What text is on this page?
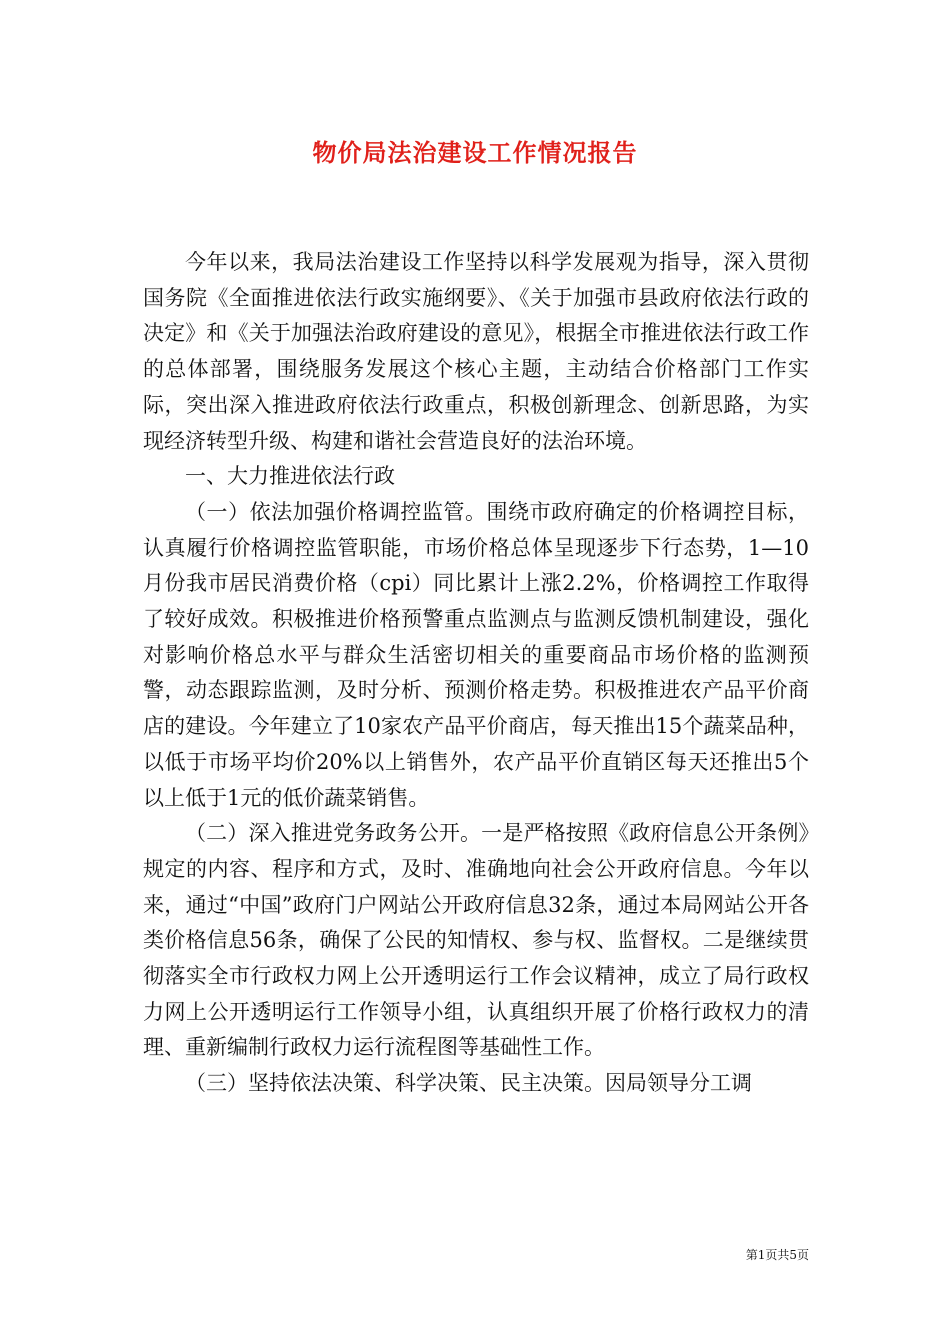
物价局法治建设工作情况报告

今年以来，我局法治建设工作坚持以科学发展观为指导，深入贯彻国务院《全面推进依法行政实施纲要》、《关于加强市县政府依法行政的决定》和《关于加强法治政府建设的意见》，根据全市推进依法行政工作的总体部署，围绕服务发展这个核心主题，主动结合价格部门工作实际，突出深入推进政府依法行政重点，积极创新理念、创新思路，为实现经济转型升级、构建和谐社会营造良好的法治环境。

一、大力推进依法行政

（一）依法加强价格调控监管。围绕市政府确定的价格调控目标，认真履行价格调控监管职能，市场价格总体呈现逐步下行态势，1—10月份我市居民消费价格（cpi）同比累计上涨2.2%，价格调控工作取得了较好成效。积极推进价格预警重点监测点与监测反馈机制建设，强化对影响价格总水平与群众生活密切相关的重要商品市场价格的监测预警，动态跟踪监测，及时分析、预测价格走势。积极推进农产品平价商店的建设。今年建立了10家农产品平价商店，每天推出15个蔬菜品种，以低于市场平均价20%以上销售外，农产品平价直销区每天还推出5个以上低于1元的低价蔬菜销售。

（二）深入推进党务政务公开。一是严格按照《政府信息公开条例》规定的内容、程序和方式，及时、准确地向社会公开政府信息。今年以来，通过“中国”政府门户网站公开政府信息32条，通过本局网站公开各类价格信息56条，确保了公民的知情权、参与权、监督权。二是继续贯彻落实全市行政权力网上公开透明运行工作会议精神，成立了局行政权力网上公开透明运行工作领导小组，认真组织开展了价格行政权力的清理、重新编制行政权力运行流程图等基础性工作。

（三）坚持依法决策、科学决策、民主决策。因局领导分工调

第1页共5页
